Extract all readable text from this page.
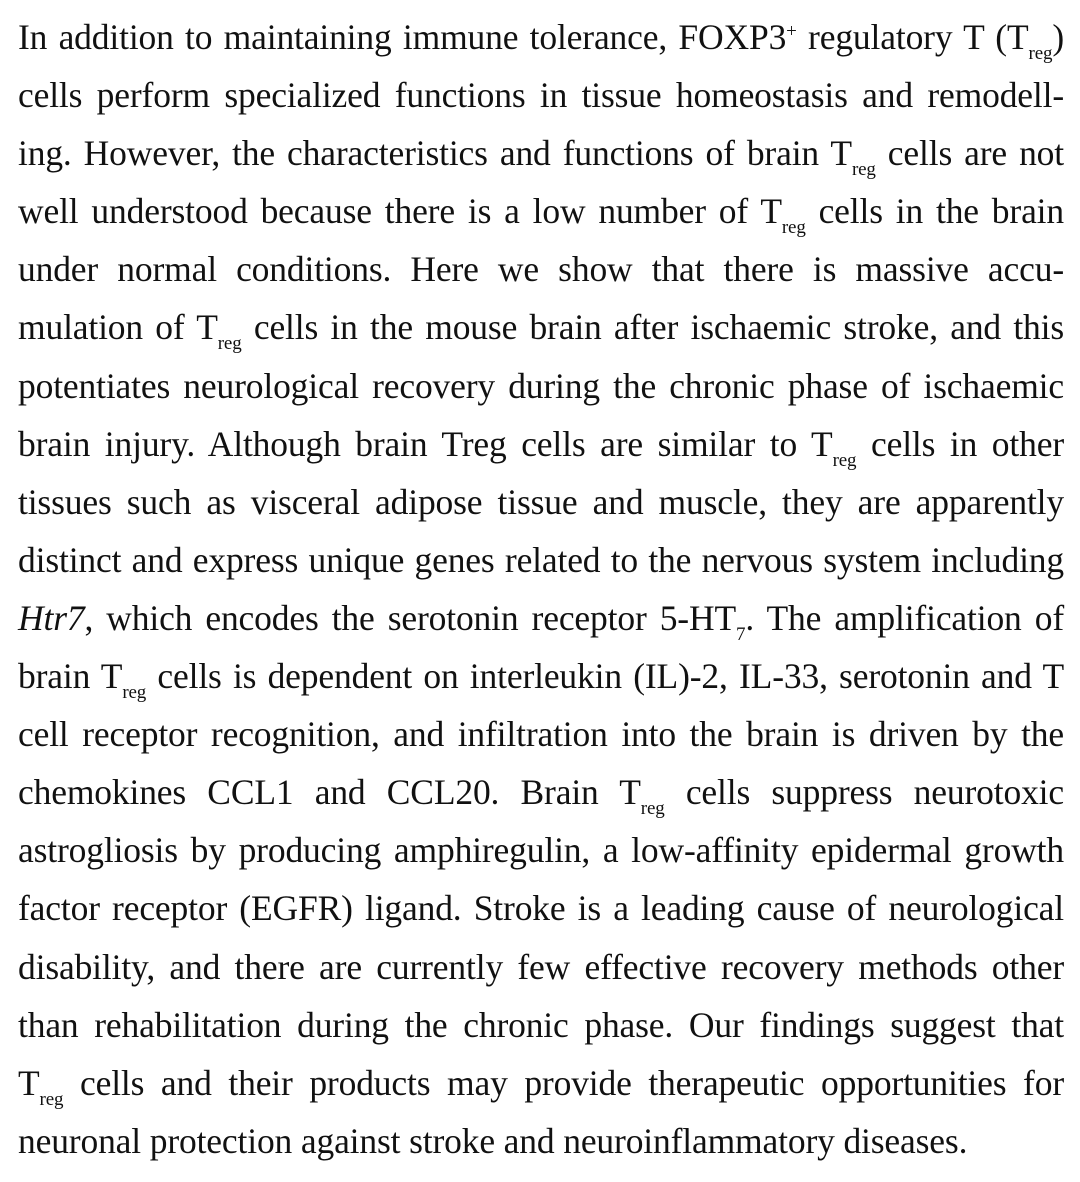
In addition to maintaining immune tolerance, FOXP3+ regulatory T $(T_{reg})$
cells perform specialized functions in tissue homeostasis and remodell-
ing. However, the characteristics and functions of brain $T_{reg}$ cells are not
well understood because there is a low number of $T_{reg}$ cells in the brain
under normal conditions. Here we show that there is massive accu-
mulation of $T_{reg}$ cells in the mouse brain after ischaemic stroke, and this
potentiates neurological recovery during the chronic phase of ischaemic
brain injury. Although brain Treg cells are similar to $T_{reg}$ cells in other
tissues such as visceral adipose tissue and muscle, they are apparently
distinct and express unique genes related to the nervous system including
Htr7, which encodes the serotonin receptor $5-HT_7$. The amplification of
brain $T_{reg}$ cells is dependent on interleukin (IL)-2, IL-33, serotonin and T
cell receptor recognition, and infiltration into the brain is driven by the
chemokines CCL1 and CCL20. Brain $T_{reg}$ cells suppress neurotoxic
astrogliosis by producing amphiregulin, a low-affinity epidermal growth
factor receptor (EGFR) ligand. Stroke is a leading cause of neurological
disability, and there are currently few effective recovery methods other
than rehabilitation during the chronic phase. Our findings suggest that
$T_{reg}$ cells and their products may provide therapeutic opportunities for
neuronal protection against stroke and neuroinflammatory diseases.
